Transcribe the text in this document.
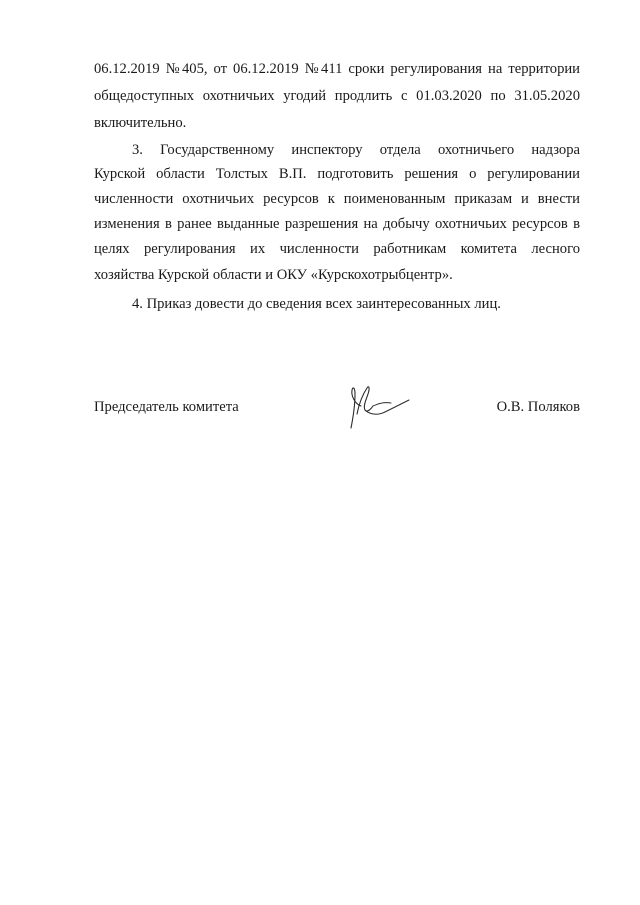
06.12.2019 №405, от 06.12.2019 №411 сроки регулирования на территории
общедоступных охотничьих угодий продлить с 01.03.2020 по 31.05.2020
включительно.
3. Государственному инспектору отдела охотничьего надзора
Курской области Толстых В.П. подготовить решения о регулировании
численности охотничьих ресурсов к поименованным приказам и внести
изменения в ранее выданные разрешения на добычу охотничьих ресурсов в
целях регулирования их численности работникам комитета лесного
хозяйства Курской области и ОКУ «Курскохотрыбцентр».
4. Приказ довести до сведения всех заинтересованных лиц.
Председатель комитета	О.В. Поляков
